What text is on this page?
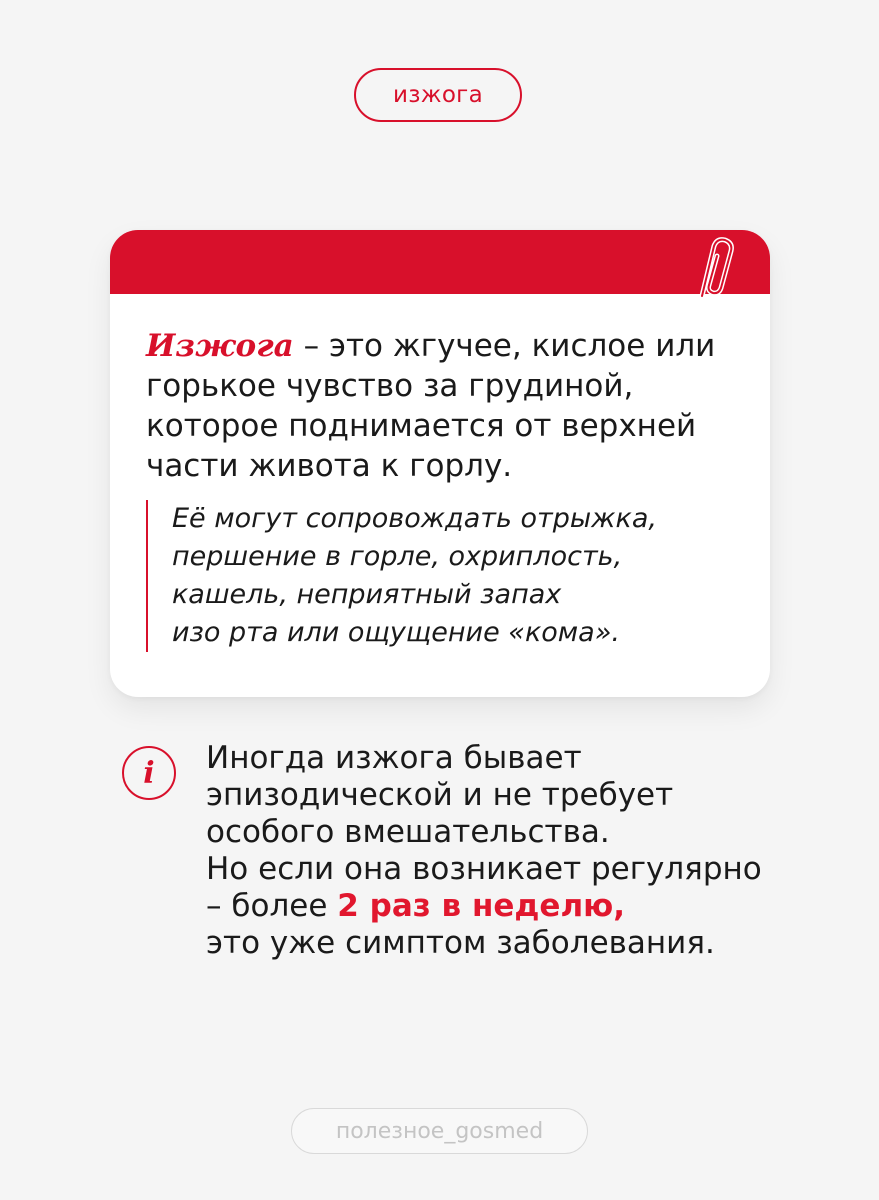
изжога

Изжога – это жгучее, кислое или горькое чувство за грудиной, которое поднимается от верхней части живота к горлу.

Её могут сопровождать отрыжка,
першение в горле, охриплость,
кашель, неприятный запах
изо рта или ощущение «кома».
i Иногда изжога бывает
эпизодической и не требует
особого вмешательства.
Но если она возникает регулярно
– более 2 раз в неделю,
это уже симптом заболевания.
полезное_gosmed
